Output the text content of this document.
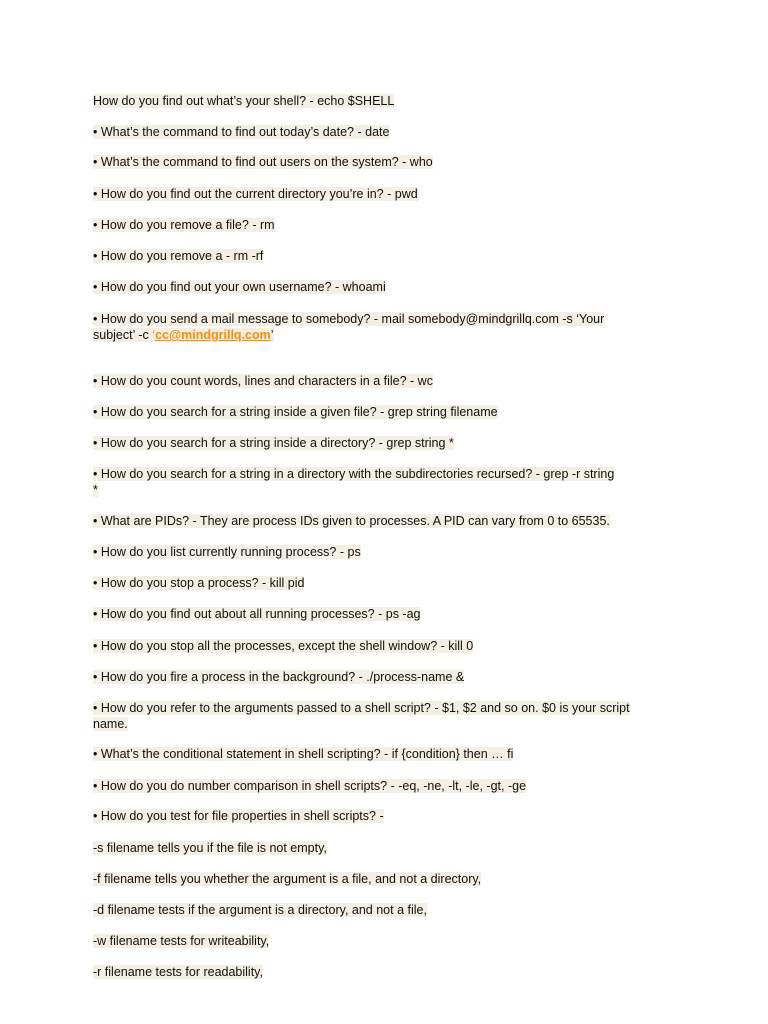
How do you find out what’s your shell? - echo $SHELL
• What’s the command to find out today’s date? - date
• What’s the command to find out users on the system? - who
• How do you find out the current directory you’re in? - pwd
• How do you remove a file? - rm
• How do you remove a - rm -rf
• How do you find out your own username? - whoami
• How do you send a mail message to somebody? - mail somebody@mindgrillq.com -s ‘Your
subject’ -c ‘cc@mindgrillq.com’
• How do you count words, lines and characters in a file? - wc
• How do you search for a string inside a given file? - grep string filename
• How do you search for a string inside a directory? - grep string *
• How do you search for a string in a directory with the subdirectories recursed? - grep -r string
*
• What are PIDs? - They are process IDs given to processes. A PID can vary from 0 to 65535.
• How do you list currently running process? - ps
• How do you stop a process? - kill pid
• How do you find out about all running processes? - ps -ag
• How do you stop all the processes, except the shell window? - kill 0
• How do you fire a process in the background? - ./process-name &
• How do you refer to the arguments passed to a shell script? - $1, $2 and so on. $0 is your script
name.
• What’s the conditional statement in shell scripting? - if {condition} then … fi
• How do you do number comparison in shell scripts? - -eq, -ne, -lt, -le, -gt, -ge
• How do you test for file properties in shell scripts? -
-s filename tells you if the file is not empty,
-f filename tells you whether the argument is a file, and not a directory,
-d filename tests if the argument is a directory, and not a file,
-w filename tests for writeability,
-r filename tests for readability,
